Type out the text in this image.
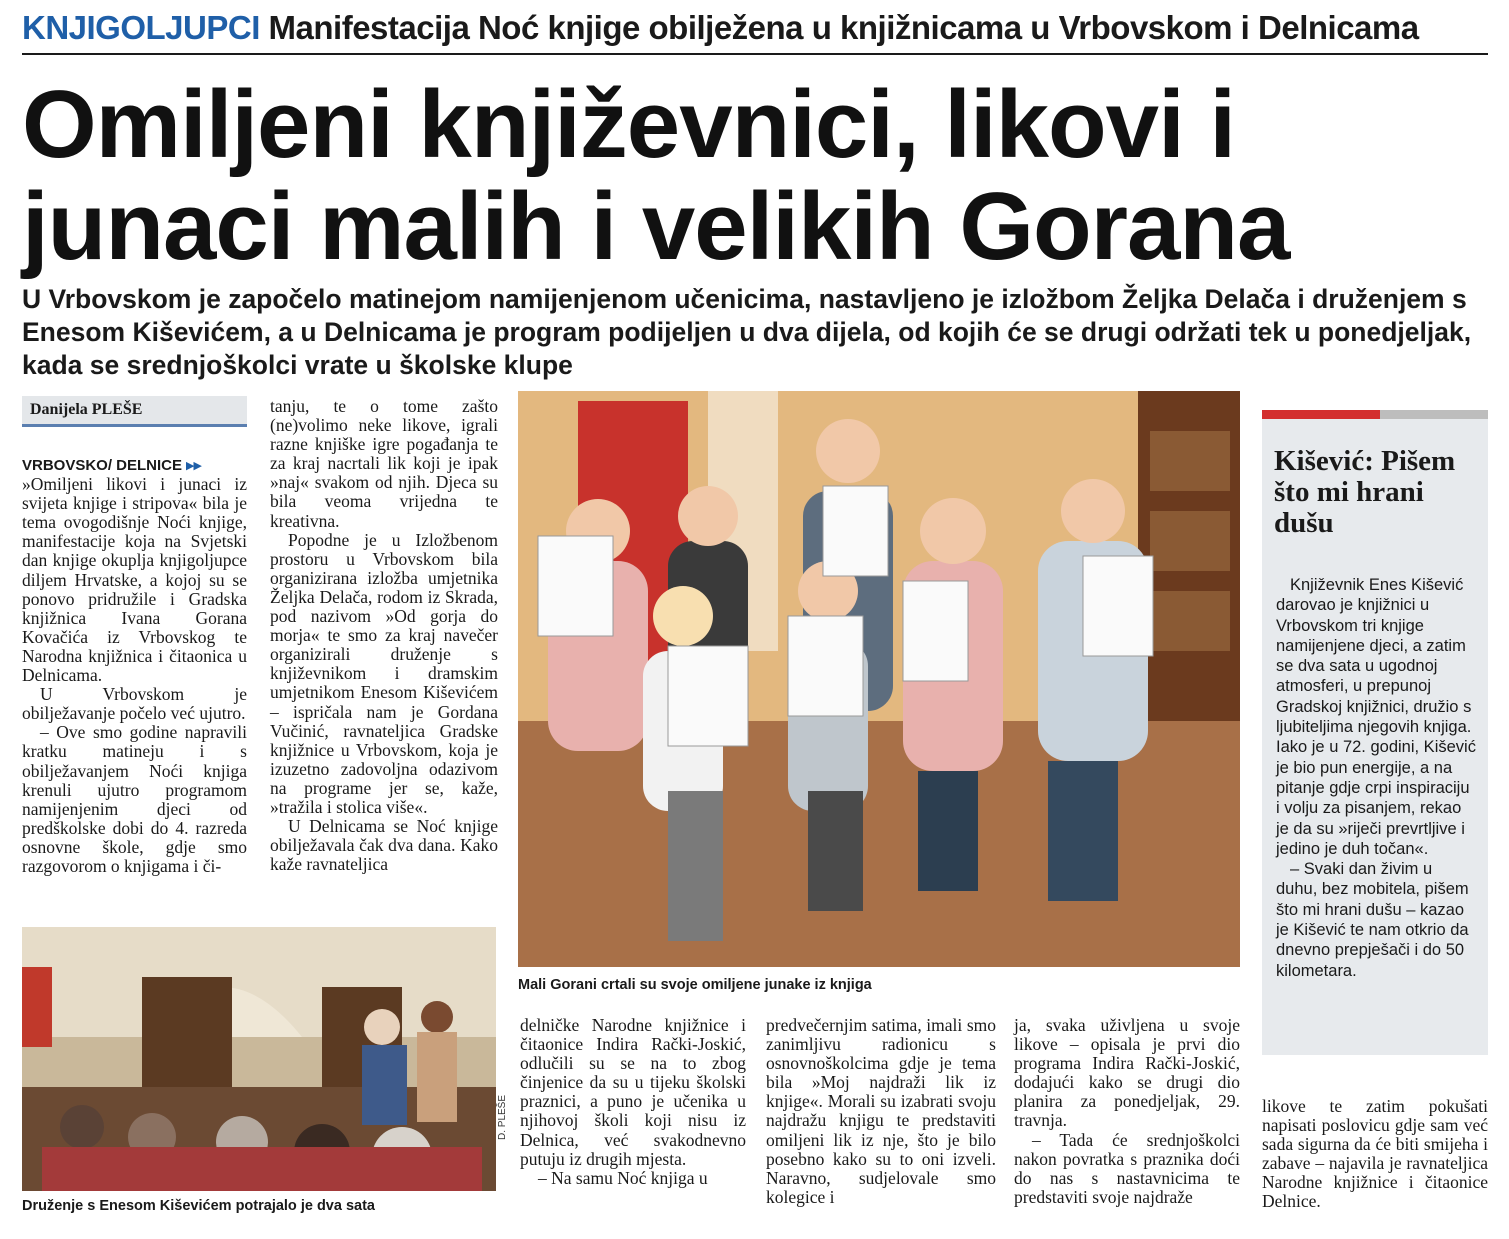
KNJIGOLJUPCI Manifestacija Noć knjige obilježena u knjižnicama u Vrbovskom i Delnicama
Omiljeni književnici, likovi i junaci malih i velikih Gorana
U Vrbovskom je započelo matinejom namijenjenom učenicima, nastavljeno je izložbom Željka Delača i druženjem s Enesom Kiševićem, a u Delnicama je program podijeljen u dva dijela, od kojih će se drugi održati tek u ponedjeljak, kada se srednjoškolci vrate u školske klupe
Danijela PLEŠE

VRBOVSKO/ DELNICE ▸▸

»Omiljeni likovi i junaci iz svijeta knjige i stripova« bila je tema ovogodišnje Noći knjige, manifestacije koja na Svjetski dan knjige okuplja knjigoljupce diljem Hrvatske, a kojoj su se ponovo pridružile i Gradska knjižnica Ivana Gorana Kovačića iz Vrbovskog te Narodna knjižnica i čitaonica u Delnicama.

U Vrbovskom je obilježavanje počelo već ujutro.

– Ove smo godine napravili kratku matineju i s obilježavanjem Noći knjiga krenuli ujutro programom namijenjenim djeci od predškolske dobi do 4. razreda osnovne škole, gdje smo razgovorom o knjigama i či-

tanju, te o tome zašto (ne)volimo neke likove, igrali razne knjiške igre pogađanja te za kraj nacrtali lik koji je ipak »naj« svakom od njih. Djeca su bila veoma vrijedna te kreativna.

Popodne je u Izložbenom prostoru u Vrbovskom bila organizirana izložba umjetnika Željka Delača, rodom iz Skrada, pod nazivom »Od gorja do morja« te smo za kraj navečer organizirali druženje s književnikom i dramskim umjetnikom Enesom Kiševićem – ispričala nam je Gordana Vučinić, ravnateljica Gradske knjižnice u Vrbovskom, koja je izuzetno zadovoljna odazivom na programe jer se, kaže, »tražila i stolica više«.

U Delnicama se Noć knjige obilježavala čak dva dana. Kako kaže ravnateljica

Mali Gorani crtali su svoje omiljene junake iz knjiga
D. PLEŠE
Druženje s Enesom Kiševićem potrajalo je dva sata

delničke Narodne knjižnice i čitaonice Indira Rački-Joskić, odlučili su se na to zbog činjenice da su u tijeku školski praznici, a puno je učenika u njihovoj školi koji nisu iz Delnica, već svakodnevno putuju iz drugih mjesta.

– Na samu Noć knjiga u

predvečernjim satima, imali smo zanimljivu radionicu s osnovnoškolcima gdje je tema bila »Moj najdraži lik iz knjige«. Morali su izabrati svoju najdražu knjigu te predstaviti omiljeni lik iz nje, što je bilo posebno kako su to oni izveli. Naravno, sudjelovale smo kolegice i

ja, svaka uživljena u svoje likove – opisala je prvi dio programa Indira Rački-Joskić, dodajući kako se drugi dio planira za ponedjeljak, 29. travnja.

– Tada će srednjoškolci nakon povratka s praznika doći do nas s nastavnicima te predstaviti svoje najdraže

Kišević: Pišem što mi hrani dušu

Književnik Enes Kišević darovao je knjižnici u Vrbovskom tri knjige namijenjene djeci, a zatim se dva sata u ugodnoj atmosferi, u prepunoj Gradskoj knjižnici, družio s ljubiteljima njegovih knjiga. Iako je u 72. godini, Kišević je bio pun energije, a na pitanje gdje crpi inspiraciju i volju za pisanjem, rekao je da su »riječi prevrtljive i jedino je duh točan«.

– Svaki dan živim u duhu, bez mobitela, pišem što mi hrani dušu – kazao je Kišević te nam otkrio da dnevno prepješači i do 50 kilometara.

likove te zatim pokušati napisati poslovicu gdje sam već sada sigurna da će biti smijeha i zabave – najavila je ravnateljica Narodne knjižnice i čitaonice Delnice.
